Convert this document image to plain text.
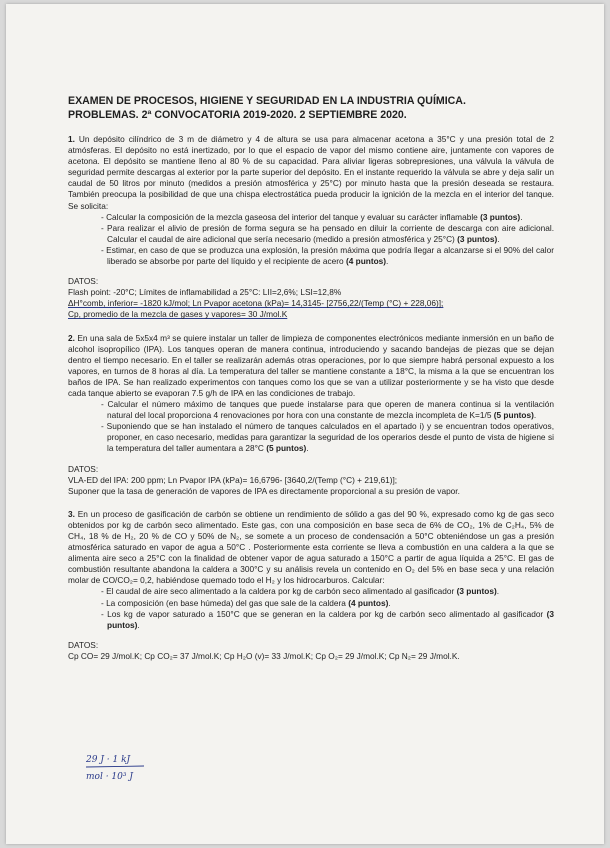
EXAMEN DE PROCESOS, HIGIENE Y SEGURIDAD EN LA INDUSTRIA QUÍMICA.

PROBLEMAS. 2ª CONVOCATORIA 2019-2020. 2 SEPTIEMBRE 2020.

1. Un depósito cilíndrico de 3 m de diámetro y 4 de altura se usa para almacenar acetona a 35°C y una presión total de 2 atmósferas. El depósito no está inertizado, por lo que el espacio de vapor del mismo contiene aire, juntamente con vapores de acetona. El depósito se mantiene lleno al 80 % de su capacidad. Para aliviar ligeras sobrepresiones, una válvula la válvula de seguridad permite descargas al exterior por la parte superior del depósito. En el instante requerido la válvula se abre y deja salir un caudal de 50 litros por minuto (medidos a presión atmosférica y 25°C) por minuto hasta que la presión deseada se restaura. También preocupa la posibilidad de que una chispa electrostática pueda producir la ignición de la mezcla en el interior del tanque. Se solicita:

- Calcular la composición de la mezcla gaseosa del interior del tanque y evaluar su carácter inflamable (3 puntos).

- Para realizar el alivio de presión de forma segura se ha pensado en diluir la corriente de descarga con aire adicional. Calcular el caudal de aire adicional que sería necesario (medido a presión atmosférica y 25°C) (3 puntos).

- Estimar, en caso de que se produzca una explosión, la presión máxima que podría llegar a alcanzarse si el 90% del calor liberado se absorbe por parte del líquido y el recipiente de acero (4 puntos).

DATOS:

Flash point: -20°C; Límites de inflamabilidad a 25°C: LII=2,6%; LSI=12,8%

ΔH°comb, inferior= -1820 kJ/mol; Ln Pvapor acetona (kPa)= 14,3145- [2756,22/(Temp (°C) + 228,06)];

Cp, promedio de la mezcla de gases y vapores= 30 J/mol.K

2. En una sala de 5x5x4 m³ se quiere instalar un taller de limpieza de componentes electrónicos mediante inmersión en un baño de alcohol isopropílico (IPA). Los tanques operan de manera continua, introduciendo y sacando bandejas de piezas que se dejan dentro el tiempo necesario. En el taller se realizarán además otras operaciones, por lo que siempre habrá personal expuesto a los vapores, en turnos de 8 horas al día. La temperatura del taller se mantiene constante a 18°C, la misma a la que se encuentran los baños de IPA. Se han realizado experimentos con tanques como los que se van a utilizar posteriormente y se ha visto que desde cada tanque abierto se evaporan 7.5 g/h de IPA en las condiciones de trabajo.

- Calcular el número máximo de tanques que puede instalarse para que operen de manera continua si la ventilación natural del local proporciona 4 renovaciones por hora con una constante de mezcla incompleta de K=1/5 (5 puntos).

- Suponiendo que se han instalado el número de tanques calculados en el apartado i) y se encuentran todos operativos, proponer, en caso necesario, medidas para garantizar la seguridad de los operarios desde el punto de vista de higiene si la temperatura del taller aumentara a 28°C (5 puntos).

DATOS:

VLA-ED del IPA: 200 ppm; Ln Pvapor IPA (kPa)= 16,6796- [3640,2/(Temp (°C) + 219,61)];

Suponer que la tasa de generación de vapores de IPA es directamente proporcional a su presión de vapor.

3. En un proceso de gasificación de carbón se obtiene un rendimiento de sólido a gas del 90 %, expresado como kg de gas seco obtenidos por kg de carbón seco alimentado. Este gas, con una composición en base seca de 6% de CO₂, 1% de C₂H₄, 5% de CH₄, 18 % de H₂, 20 % de CO y 50% de N₂, se somete a un proceso de condensación a 50°C obteniéndose un gas a presión atmosférica saturado en vapor de agua a 50°C . Posteriormente esta corriente se lleva a combustión en una caldera a la que se alimenta aire seco a 25°C con la finalidad de obtener vapor de agua saturado a 150°C a partir de agua líquida a 25°C. El gas de combustión resultante abandona la caldera a 300°C y su análisis revela un contenido en O₂ del 5% en base seca y una relación molar de CO/CO₂= 0,2, habiéndose quemado todo el H₂ y los hidrocarburos. Calcular:

- El caudal de aire seco alimentado a la caldera por kg de carbón seco alimentado al gasificador (3 puntos).

- La composición (en base húmeda) del gas que sale de la caldera (4 puntos).

- Los kg de vapor saturado a 150°C que se generan en la caldera por kg de carbón seco alimentado al gasificador (3 puntos).

DATOS:

Cp CO= 29 J/mol.K; Cp CO₂= 37 J/mol.K; Cp H₂O (v)= 33 J/mol.K; Cp O₂= 29 J/mol.K; Cp N₂= 29 J/mol.K.

29 J · 1 kJ
mol · 10³ J
